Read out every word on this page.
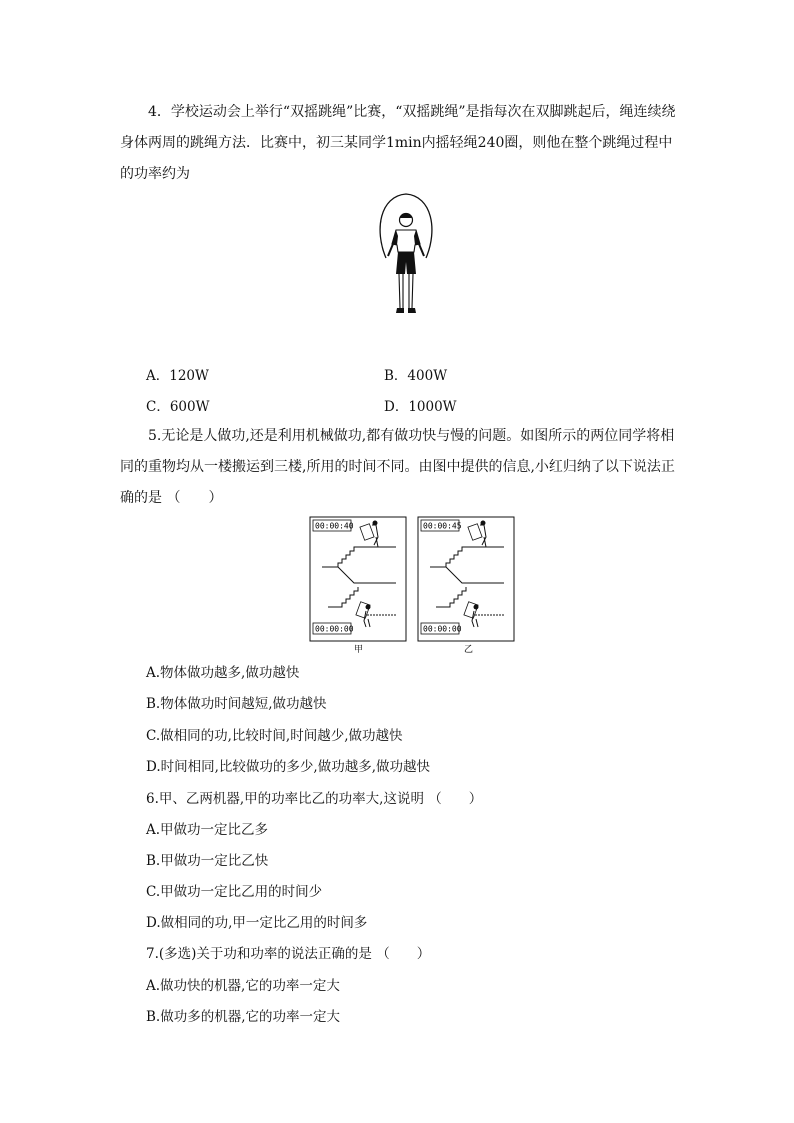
4．学校运动会上举行“双摇跳绳”比赛，“双摇跳绳”是指每次在双脚跳起后，绳连续绕身体两周的跳绳方法．比赛中，初三某同学1min内摇轻绳240圈，则他在整个跳绳过程中的功率约为
A．120W	B．400W
C．600W	D．1000W
5.无论是人做功,还是利用机械做功,都有做功快与慢的问题。如图所示的两位同学将相同的重物均从一楼搬运到三楼,所用的时间不同。由图中提供的信息,小红归纳了以下说法正确的是 （　　）
00:00:40
00:00:00
甲
00:00:45
00:00:00
乙
A.物体做功越多,做功越快
B.物体做功时间越短,做功越快
C.做相同的功,比较时间,时间越少,做功越快
D.时间相同,比较做功的多少,做功越多,做功越快
6.甲、乙两机器,甲的功率比乙的功率大,这说明 （　　）
A.甲做功一定比乙多
B.甲做功一定比乙快
C.甲做功一定比乙用的时间少
D.做相同的功,甲一定比乙用的时间多
7.(多选)关于功和功率的说法正确的是 （　　）
A.做功快的机器,它的功率一定大
B.做功多的机器,它的功率一定大
